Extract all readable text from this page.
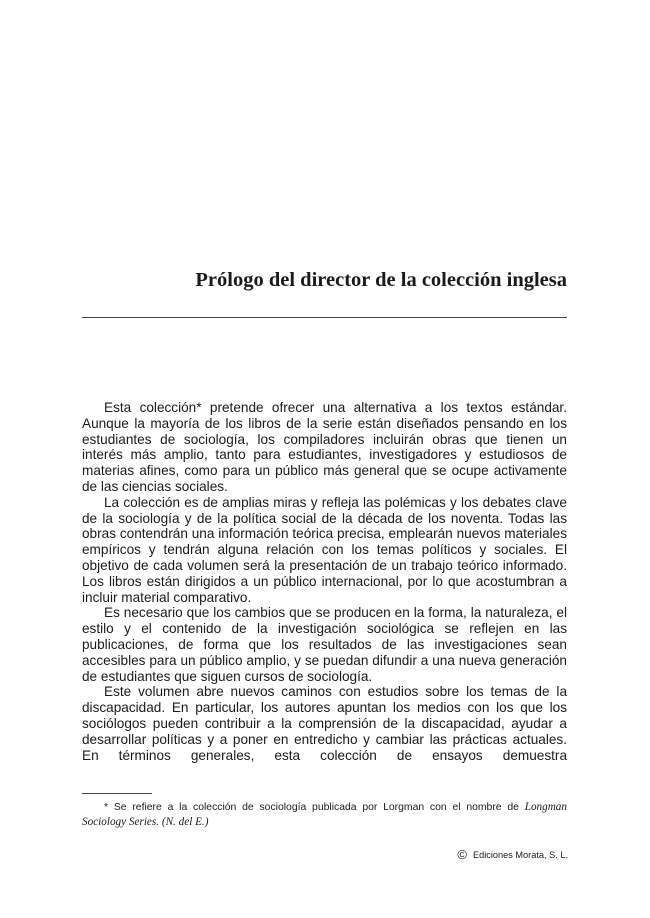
Prólogo del director de la colección inglesa

Esta colección* pretende ofrecer una alternativa a los textos estándar. Aunque la mayoría de los libros de la serie están diseñados pensando en los estudiantes de sociología, los compiladores incluirán obras que tienen un interés más amplio, tanto para estudiantes, investigadores y estudiosos de materias afines, como para un público más general que se ocupe activamente de las ciencias sociales.

La colección es de amplias miras y refleja las polémicas y los debates clave de la sociología y de la política social de la década de los noventa. Todas las obras contendrán una información teórica precisa, emplearán nuevos materiales empíricos y tendrán alguna relación con los temas políticos y sociales. El objetivo de cada volumen será la presentación de un trabajo teórico informado. Los libros están dirigidos a un público internacional, por lo que acostumbran a incluir material comparativo.

Es necesario que los cambios que se producen en la forma, la naturaleza, el estilo y el contenido de la investigación sociológica se reflejen en las publicaciones, de forma que los resultados de las investigaciones sean accesibles para un público amplio, y se puedan difundir a una nueva generación de estudiantes que siguen cursos de sociología.

Este volumen abre nuevos caminos con estudios sobre los temas de la discapacidad. En particular, los autores apuntan los medios con los que los sociólogos pueden contribuir a la comprensión de la discapacidad, ayudar a desarrollar políticas y a poner en entredicho y cambiar las prácticas actuales. En términos generales, esta colección de ensayos demuestra

* Se refiere a la colección de sociología publicada por Lorgman con el nombre de Longman Sociology Series. (N. del E.)

© Ediciones Morata, S. L.
